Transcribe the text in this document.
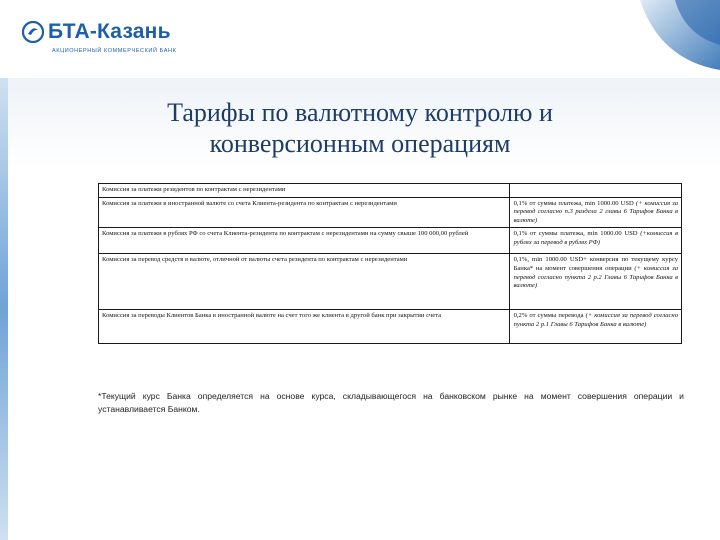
БТА-Казань
АКЦИОНЕРНЫЙ КОММЕРЧЕСКИЙ БАНК
Тарифы по валютному контролю и
конверсионным операциям
Комиссия за платежи резидентов по контрактам с нерезидентами	
Комиссия за платежи в иностранной валюте со счета Клиента-резидента по контрактам с нерезидентами	0,1% от суммы платежа, min 1000.00 USD (+ комиссия за перевод согласно п.3 раздела 2 главы 6 Тарифов Банка в валюте)
Комиссия за платежи в рублях РФ со счета Клиента-резидента по контрактам с нерезидентами на сумму свыше 100 000,00 рублей	0,1% от суммы платежа, min 1000.00 USD (+комиссия в рублях за перевод в рублях РФ)
Комиссия за перевод средств в валюте, отличной от валюты счета резидента по контрактам с нерезидентами	0,1%, min 1000.00 USD+ конверсия по текущему курсу Банка* на момент совершения операции (+ комиссия за перевод согласно пункта 2 р.2 Главы 6 Тарифов Банка в валюте)
Комиссия за переводы Клиентов Банка в иностранной валюте на счет того же клиента в другой банк при закрытии счета	0,2% от суммы перевода (+ комиссия за перевод согласно пункта 2 р.1 Главы 6 Тарифов Банка в валюте)
*Текущий курс Банка определяется на основе курса, складывающегося на банковском рынке на момент совершения операции и устанавливается Банком.
